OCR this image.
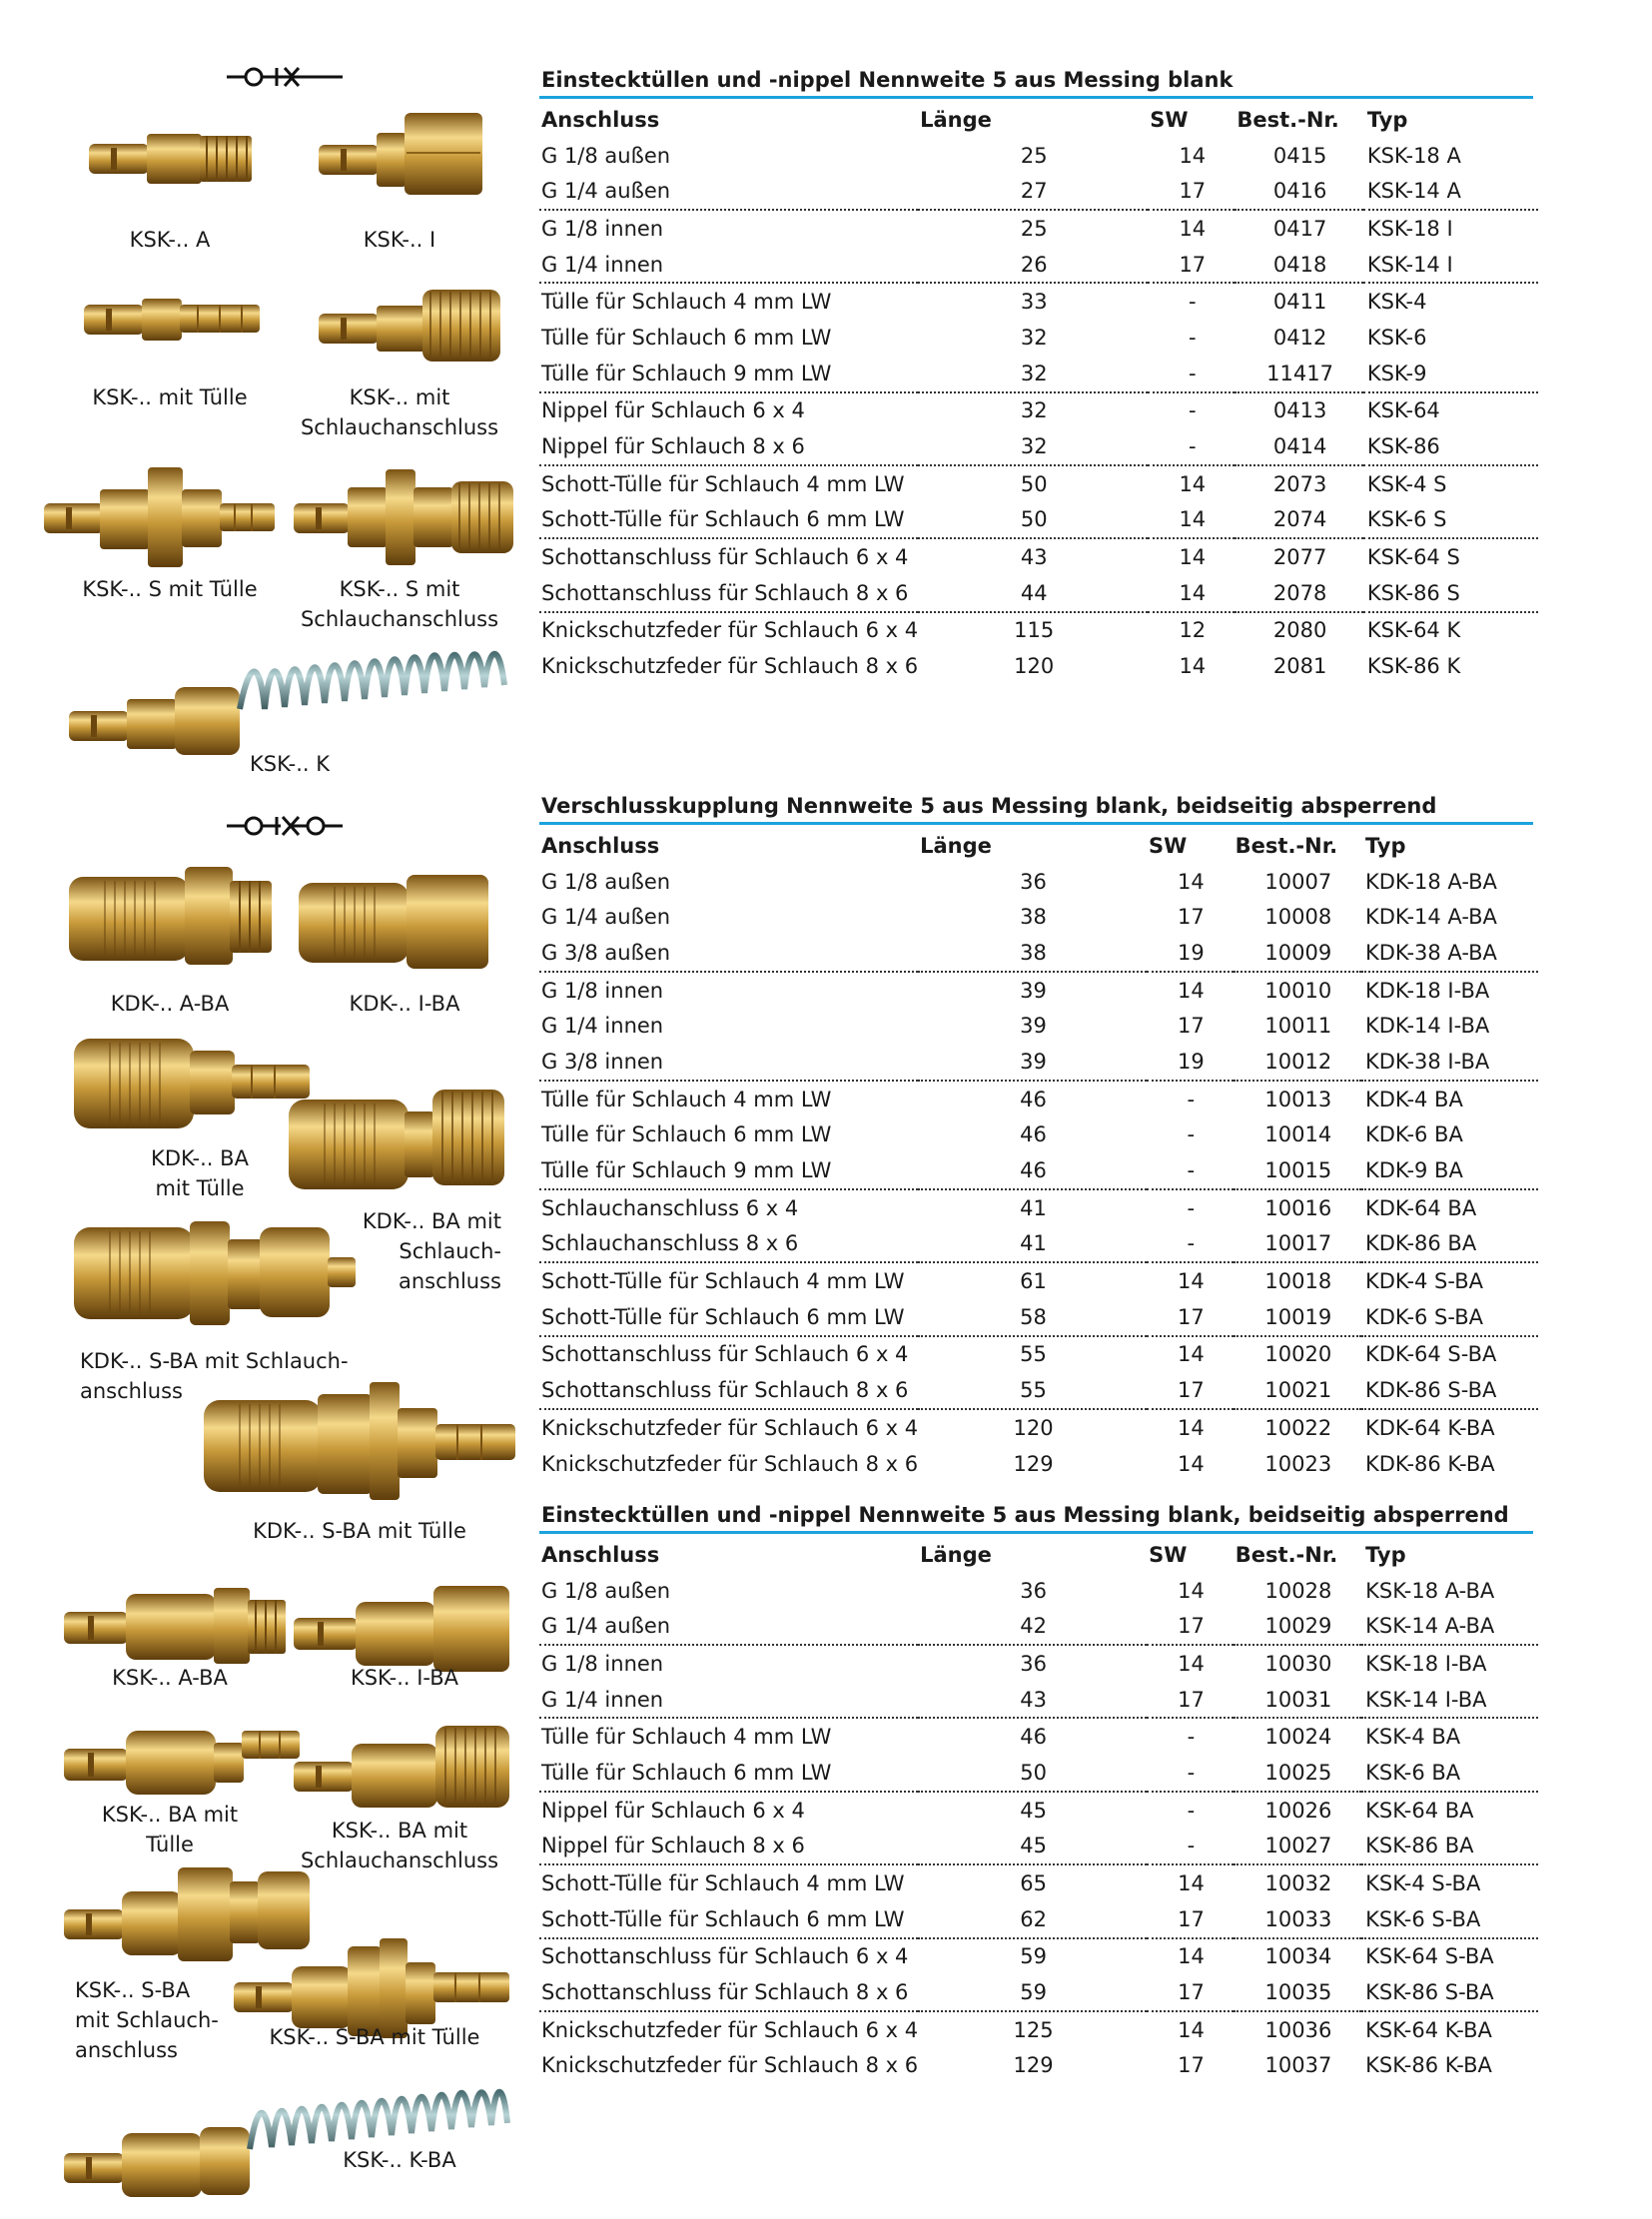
KSK-.. A	KSK-.. I
KSK-.. mit Tülle	KSK-.. mit
Schlauchanschluss
KSK-.. S mit Tülle	KSK-.. S mit
Schlauchanschluss
KSK-.. K
KDK-.. A-BA	KDK-.. I-BA
KDK-.. BA
mit Tülle
KDK-.. BA mit
Schlauch-
anschluss
KDK-.. S-BA mit Schlauch-
anschluss
KDK-.. S-BA mit Tülle
KSK-.. A-BA	KSK-.. I-BA
KSK-.. BA mit
Tülle
KSK-.. BA mit
Schlauchanschluss
KSK-.. S-BA
mit Schlauch-
anschluss
KSK-.. S-BA mit Tülle
KSK-.. K-BA
Einstecktüllen und -nippel Nennweite 5 aus Messing blank
Anschluss	Länge	SW	Best.-Nr.	Typ
G 1/8 außen	25	14	0415	KSK-18 A
G 1/4 außen	27	17	0416	KSK-14 A
G 1/8 innen	25	14	0417	KSK-18 I
G 1/4 innen	26	17	0418	KSK-14 I
Tülle für Schlauch 4 mm LW	33	-	0411	KSK-4
Tülle für Schlauch 6 mm LW	32	-	0412	KSK-6
Tülle für Schlauch 9 mm LW	32	-	11417	KSK-9
Nippel für Schlauch 6 x 4	32	-	0413	KSK-64
Nippel für Schlauch 8 x 6	32	-	0414	KSK-86
Schott-Tülle für Schlauch 4 mm LW	50	14	2073	KSK-4 S
Schott-Tülle für Schlauch 6 mm LW	50	14	2074	KSK-6 S
Schottanschluss für Schlauch 6 x 4	43	14	2077	KSK-64 S
Schottanschluss für Schlauch 8 x 6	44	14	2078	KSK-86 S
Knickschutzfeder für Schlauch 6 x 4	115	12	2080	KSK-64 K
Knickschutzfeder für Schlauch 8 x 6	120	14	2081	KSK-86 K
Verschlusskupplung Nennweite 5 aus Messing blank, beidseitig absperrend
Anschluss	Länge	SW	Best.-Nr.	Typ
G 1/8 außen	36	14	10007	KDK-18 A-BA
G 1/4 außen	38	17	10008	KDK-14 A-BA
G 3/8 außen	38	19	10009	KDK-38 A-BA
G 1/8 innen	39	14	10010	KDK-18 I-BA
G 1/4 innen	39	17	10011	KDK-14 I-BA
G 3/8 innen	39	19	10012	KDK-38 I-BA
Tülle für Schlauch 4 mm LW	46	-	10013	KDK-4 BA
Tülle für Schlauch 6 mm LW	46	-	10014	KDK-6 BA
Tülle für Schlauch 9 mm LW	46	-	10015	KDK-9 BA
Schlauchanschluss 6 x 4	41	-	10016	KDK-64 BA
Schlauchanschluss 8 x 6	41	-	10017	KDK-86 BA
Schott-Tülle für Schlauch 4 mm LW	61	14	10018	KDK-4 S-BA
Schott-Tülle für Schlauch 6 mm LW	58	17	10019	KDK-6 S-BA
Schottanschluss für Schlauch 6 x 4	55	14	10020	KDK-64 S-BA
Schottanschluss für Schlauch 8 x 6	55	17	10021	KDK-86 S-BA
Knickschutzfeder für Schlauch 6 x 4	120	14	10022	KDK-64 K-BA
Knickschutzfeder für Schlauch 8 x 6	129	14	10023	KDK-86 K-BA
Einstecktüllen und -nippel Nennweite 5 aus Messing blank, beidseitig absperrend
Anschluss	Länge	SW	Best.-Nr.	Typ
G 1/8 außen	36	14	10028	KSK-18 A-BA
G 1/4 außen	42	17	10029	KSK-14 A-BA
G 1/8 innen	36	14	10030	KSK-18 I-BA
G 1/4 innen	43	17	10031	KSK-14 I-BA
Tülle für Schlauch 4 mm LW	46	-	10024	KSK-4 BA
Tülle für Schlauch 6 mm LW	50	-	10025	KSK-6 BA
Nippel für Schlauch 6 x 4	45	-	10026	KSK-64 BA
Nippel für Schlauch 8 x 6	45	-	10027	KSK-86 BA
Schott-Tülle für Schlauch 4 mm LW	65	14	10032	KSK-4 S-BA
Schott-Tülle für Schlauch 6 mm LW	62	17	10033	KSK-6 S-BA
Schottanschluss für Schlauch 6 x 4	59	14	10034	KSK-64 S-BA
Schottanschluss für Schlauch 8 x 6	59	17	10035	KSK-86 S-BA
Knickschutzfeder für Schlauch 6 x 4	125	14	10036	KSK-64 K-BA
Knickschutzfeder für Schlauch 8 x 6	129	17	10037	KSK-86 K-BA
